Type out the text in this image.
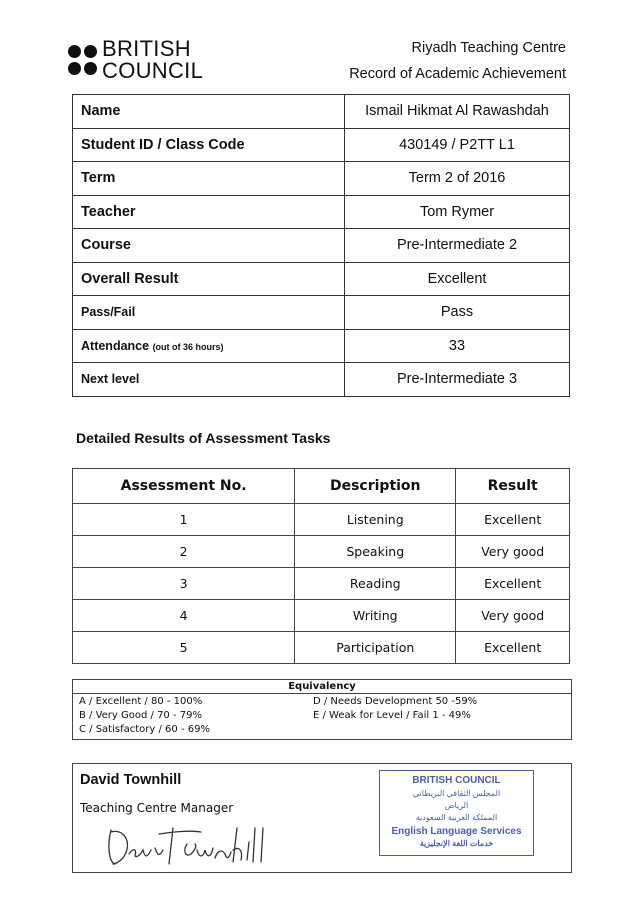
BRITISH
COUNCIL
Riyadh Teaching Centre
Record of Academic Achievement
Name	Ismail Hikmat Al Rawashdah
Student ID / Class Code	430149 / P2TT L1
Term	Term 2 of 2016
Teacher	Tom Rymer
Course	Pre-Intermediate 2
Overall Result	Excellent
Pass/Fail	Pass
Attendance (out of 36 hours)	33
Next level	Pre-Intermediate 3
Detailed Results of Assessment Tasks
Assessment No.	Description	Result
1	Listening	Excellent
2	Speaking	Very good
3	Reading	Excellent
4	Writing	Very good
5	Participation	Excellent
Equivalency
A / Excellent / 80 - 100%
B / Very Good / 70 - 79%
C / Satisfactory / 60 - 69%
D / Needs Development 50 -59%
E / Weak for Level / Fail 1 - 49%
David Townhill
Teaching Centre Manager
BRITISH COUNCIL
المجلس الثقافي البريطاني
الرياض
المملكة العربية السعودية
English Language Services
خدمات اللغة الإنجليزية
